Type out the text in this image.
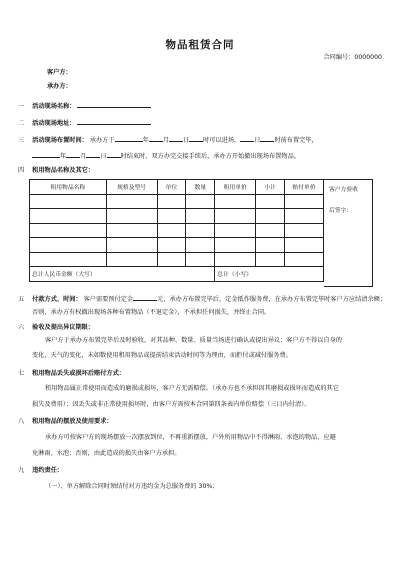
物品租赁合同
合同编号：0000000
客户方：
承办方：
一 活动现场名称：
二 活动现场地址：
三 活动现场布置时间： 承办方于	年 月 日 时可以进场， 日 时前布置完毕，
年 月 日 时结束时，双方办完交接手续后，承办方开始撤出现场布置物品。
四 租用物品名称及其它：
租用物品名称	规格及型号	单位	数量	租用单价	小计	赔付单价

总计人民币金额（大写）				总计（小写）		
客户方验收
后签字：
五 付款方式、时间： 客户需要预付定金	元，承办方布置完毕后，定金抵作服务费，在承办方布置完毕时客户方应结清余额；
否则，承办方有权撤出现场各种布置物品（不退定金），不承担任何损失，并终止合同。
六 验收及提出异议期限：
客户方于承办方布置完毕后及时验收，对其品种、数量、质量当场进行确认或提出异议；客户方不得以自身的
变化，天气的变化，未如数使用租用物品或提前结束活动时间等为理由，而拒付或减付服务费。
七 租用物品丢失或损坏后赔付方式：
租用物品属正常使用而造成的磨损或损坏，客户方无需赔偿。（承办方也不承担因其磨损或损坏而造成的其它
损失及费用）；因丢失或非正常使用损坏时，由客户方需按本合同第四条表内单价赔偿（三日内付清）。
八 租用物品的摆放及使用要求：
承办方可按客户方的现场摆放一次摆放到位，不再重新摆放，户外所用物品中不得淋雨、水泡的物品，应避
免淋雨、水泡；否则，由此造成的损失由客户方承担。
九 违约责任：
（一）、单方解除合同时须结付对方违约金为总服务费的 30%；
